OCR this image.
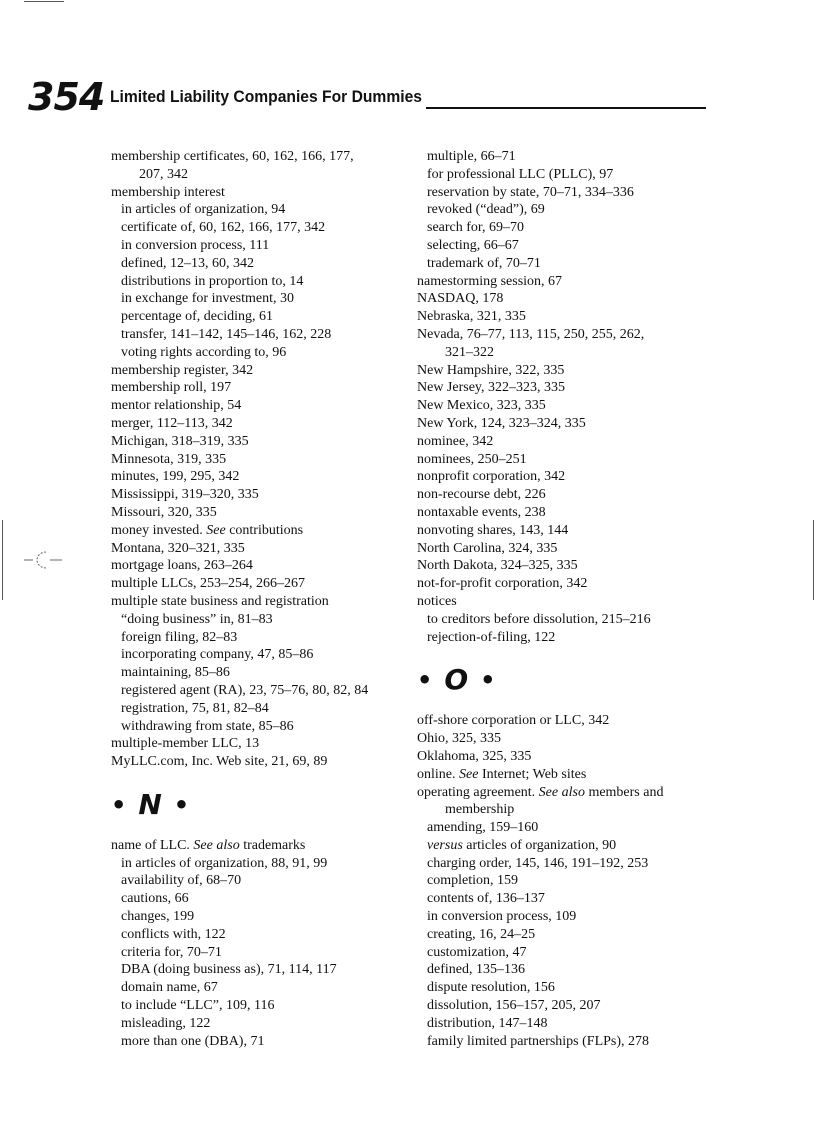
354 Limited Liability Companies For Dummies
membership certificates, 60, 162, 166, 177,
207, 342
membership interest
in articles of organization, 94
certificate of, 60, 162, 166, 177, 342
in conversion process, 111
defined, 12–13, 60, 342
distributions in proportion to, 14
in exchange for investment, 30
percentage of, deciding, 61
transfer, 141–142, 145–146, 162, 228
voting rights according to, 96
membership register, 342
membership roll, 197
mentor relationship, 54
merger, 112–113, 342
Michigan, 318–319, 335
Minnesota, 319, 335
minutes, 199, 295, 342
Mississippi, 319–320, 335
Missouri, 320, 335
money invested. See contributions
Montana, 320–321, 335
mortgage loans, 263–264
multiple LLCs, 253–254, 266–267
multiple state business and registration
“doing business” in, 81–83
foreign filing, 82–83
incorporating company, 47, 85–86
maintaining, 85–86
registered agent (RA), 23, 75–76, 80, 82, 84
registration, 75, 81, 82–84
withdrawing from state, 85–86
multiple-member LLC, 13
MyLLC.com, Inc. Web site, 21, 69, 89
• N •
name of LLC. See also trademarks
in articles of organization, 88, 91, 99
availability of, 68–70
cautions, 66
changes, 199
conflicts with, 122
criteria for, 70–71
DBA (doing business as), 71, 114, 117
domain name, 67
to include “LLC”, 109, 116
misleading, 122
more than one (DBA), 71
multiple, 66–71
for professional LLC (PLLC), 97
reservation by state, 70–71, 334–336
revoked (“dead”), 69
search for, 69–70
selecting, 66–67
trademark of, 70–71
namestorming session, 67
NASDAQ, 178
Nebraska, 321, 335
Nevada, 76–77, 113, 115, 250, 255, 262,
321–322
New Hampshire, 322, 335
New Jersey, 322–323, 335
New Mexico, 323, 335
New York, 124, 323–324, 335
nominee, 342
nominees, 250–251
nonprofit corporation, 342
non-recourse debt, 226
nontaxable events, 238
nonvoting shares, 143, 144
North Carolina, 324, 335
North Dakota, 324–325, 335
not-for-profit corporation, 342
notices
to creditors before dissolution, 215–216
rejection-of-filing, 122
• O •
off-shore corporation or LLC, 342
Ohio, 325, 335
Oklahoma, 325, 335
online. See Internet; Web sites
operating agreement. See also members and
membership
amending, 159–160
versus articles of organization, 90
charging order, 145, 146, 191–192, 253
completion, 159
contents of, 136–137
in conversion process, 109
creating, 16, 24–25
customization, 47
defined, 135–136
dispute resolution, 156
dissolution, 156–157, 205, 207
distribution, 147–148
family limited partnerships (FLPs), 278
